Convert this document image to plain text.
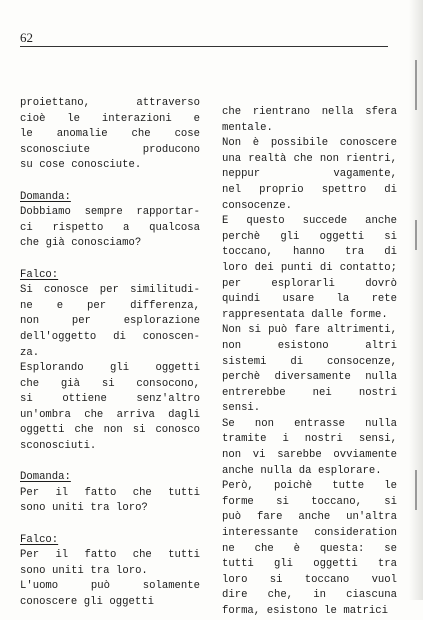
62
proiettano,	attraverso
cioè le interazioni e
le anomalie che cose
sconosciute	producono
su cose conosciute.
Domanda:
Dobbiamo sempre rapportar-
ci rispetto a qualcosa
che già conosciamo?
Falco:
Si conosce per similitudi-
ne e per differenza,
non	per	esplorazione
dell'oggetto di conoscen-
za.
Esplorando gli oggetti
che già si consocono,
si	ottiene	senz'altro
un'ombra che arriva dagli
oggetti che non si conosco
sconosciuti.
Domanda:
Per il fatto che tutti
sono uniti tra loro?
Falco:
Per il fatto che tutti
sono uniti tra loro.
L'uomo	può	solamente
conoscere gli oggetti
che rientrano nella sfera
mentale.
Non è possibile conoscere
una realtà che non rientri,
neppur	vagamente,
nel proprio spettro di
consocenze.
E questo succede anche
perchè gli oggetti si
toccano, hanno tra di
loro dei punti di contatto;
per	esplorarli	dovrò
quindi usare la rete
rappresentata dalle forme.
Non si può fare altrimenti,
non	esistono	altri
sistemi di consocenze,
perchè diversamente nulla
entrerebbe	nei	nostri
sensi.
Se non entrasse nulla
tramite i nostri sensi,
non vi sarebbe ovviamente
anche nulla da esplorare.
Però, poichè tutte le
forme si toccano, si
può fare anche un'altra
interessante consideration
ne che è questa: se
tutti gli oggetti tra
loro si toccano vuol
dire che, in ciascuna
forma, esistono le matrici
